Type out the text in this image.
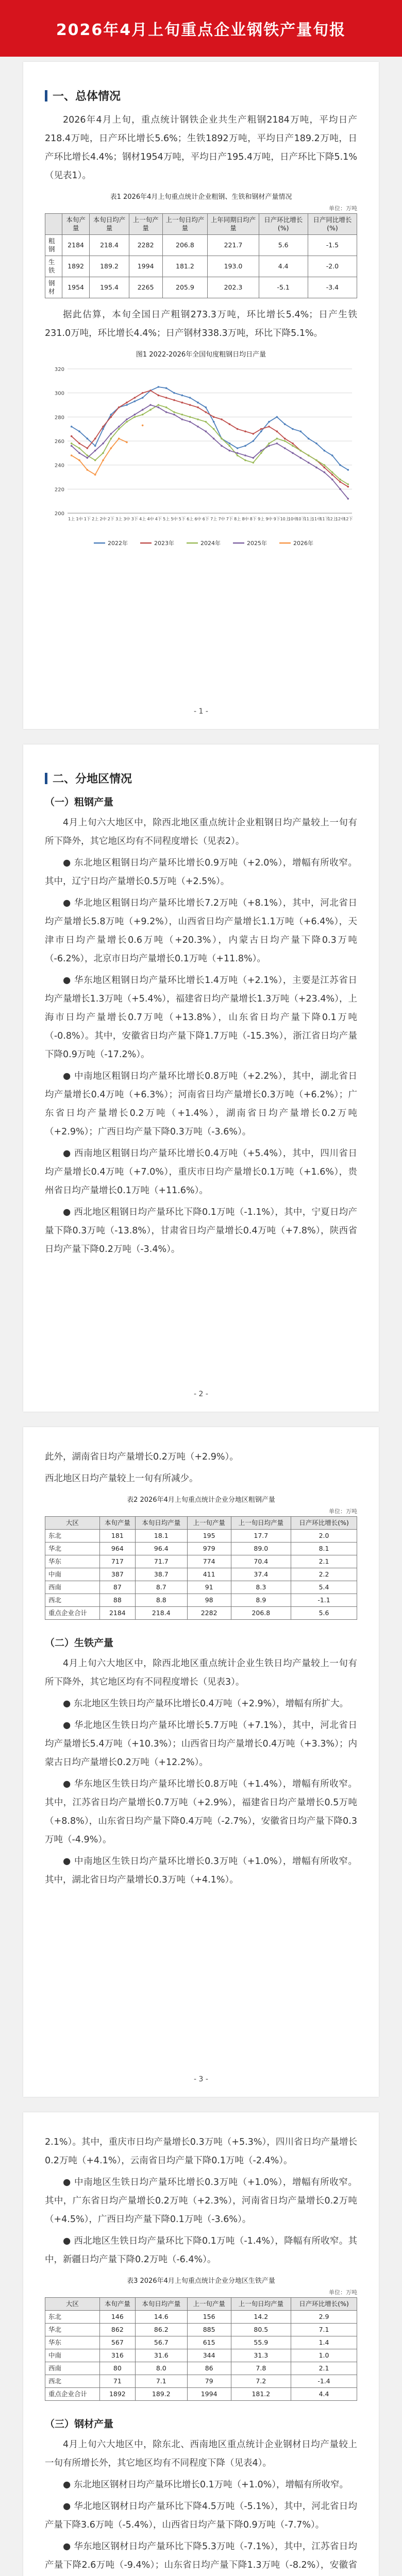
2026年4月上旬重点企业钢铁产量旬报
一、总体情况

2026年4月上旬，重点统计钢铁企业共生产粗钢2184万吨，平均日产218.4万吨，日产环比增长5.6%；生铁1892万吨，平均日产189.2万吨，日产环比增长4.4%；钢材1954万吨，平均日产195.4万吨，日产环比下降5.1%（见表1）。

表1 2026年4月上旬重点统计企业粗钢、生铁和钢材产量情况
单位：万吨
	本旬产量	本旬日均产量	上一旬产量	上一旬日均产量	上年同期日均产量	日产环比增长(%)	日产同比增长(%)
粗钢	2184	218.4	2282	206.8	221.7	5.6	-1.5
生铁	1892	189.2	1994	181.2	193.0	4.4	-2.0
钢材	1954	195.4	2265	205.9	202.3	-5.1	-3.4

据此估算，本旬全国日产粗钢273.3万吨，环比增长5.4%；日产生铁231.0万吨，环比增长4.4%；日产钢材338.3万吨，环比下降5.1%。

图1 2022-2026年全国旬度粗钢日均日产量
200
220
240
260
280
300
320
1上 1中 1下 2上 2中 2下 3上 3中 3下 4上 4中 4下 5上 5中 5下 6上 6中 6下 7上 7中 7下 8上 8中 8下 9上 9中 9下 10上
10中
10下
11上
11中
11下
12上
12中
12下
2022年	2023年	2024年	2025年	2026年
- 1 -
二、分地区情况
（一）粗钢产量

4月上旬六大地区中，除西北地区重点统计企业粗钢日均产量较上一旬有所下降外，其它地区均有不同程度增长（见表2）。

● 东北地区粗钢日均产量环比增长0.9万吨（+2.0%），增幅有所收窄。其中，辽宁日均产量增长0.5万吨（+2.5%）。

● 华北地区粗钢日均产量环比增长7.2万吨（+8.1%），其中，河北省日均产量增长5.8万吨（+9.2%），山西省日均产量增长1.1万吨（+6.4%），天津市日均产量增长0.6万吨（+20.3%），内蒙古日均产量下降0.3万吨（-6.2%），北京市日均产量增长0.1万吨（+11.8%）。

● 华东地区粗钢日均产量环比增长1.4万吨（+2.1%），主要是江苏省日均产量增长1.3万吨（+5.4%），福建省日均产量增长1.3万吨（+23.4%），上海市日均产量增长0.7万吨（+13.8%），山东省日均产量下降0.1万吨（-0.8%）。其中，安徽省日均产量下降1.7万吨（-15.3%），浙江省日均产量下降0.9万吨（-17.2%）。

● 中南地区粗钢日均产量环比增长0.8万吨（+2.2%），其中，湖北省日均产量增长0.4万吨（+6.3%）；河南省日均产量增长0.3万吨（+6.2%）；广东省日均产量增长0.2万吨（+1.4%），湖南省日均产量增长0.2万吨（+2.9%）；广西日均产量下降0.3万吨（-3.6%）。

● 西南地区粗钢日均产量环比增长0.4万吨（+5.4%），其中，四川省日均产量增长0.4万吨（+7.0%），重庆市日均产量增长0.1万吨（+1.6%），贵州省日均产量增长0.1万吨（+11.6%）。

● 西北地区粗钢日均产量环比下降0.1万吨（-1.1%），其中，宁夏日均产量下降0.3万吨（-13.8%），甘肃省日均产量增长0.4万吨（+7.8%），陕西省日均产量下降0.2万吨（-3.4%）。

- 2 -

此外，湖南省日均产量增长0.2万吨（+2.9%）。

西北地区日均产量较上一旬有所减少。

表2 2026年4月上旬重点统计企业分地区粗钢产量
单位：万吨
大区	本旬产量	本旬日均产量	上一旬产量	上一旬日均产量	日产环比增长(%)
东北	181	18.1	195	17.7	2.0
华北	964	96.4	979	89.0	8.1
华东	717	71.7	774	70.4	2.1
中南	387	38.7	411	37.4	2.2
西南	87	8.7	91	8.3	5.4
西北	88	8.8	98	8.9	-1.1
重点企业合计	2184	218.4	2282	206.8	5.6
（二）生铁产量

4月上旬六大地区中，除西北地区重点统计企业生铁日均产量较上一旬有所下降外，其它地区均有不同程度增长（见表3）。

● 东北地区生铁日均产量环比增长0.4万吨（+2.9%），增幅有所扩大。

● 华北地区生铁日均产量环比增长5.7万吨（+7.1%），其中，河北省日均产量增长5.4万吨（+10.3%）；山西省日均产量增长0.4万吨（+3.3%）；内蒙古日均产量增长0.2万吨（+12.2%）。

● 华东地区生铁日均产量环比增长0.8万吨（+1.4%），增幅有所收窄。其中，江苏省日均产量增长0.7万吨（+2.9%），福建省日均产量增长0.5万吨（+8.8%），山东省日均产量下降0.4万吨（-2.7%），安徽省日均产量下降0.3万吨（-4.9%）。

● 中南地区生铁日均产量环比增长0.3万吨（+1.0%），增幅有所收窄。其中，湖北省日均产量增长0.3万吨（+4.1%）。

- 3 -

2.1%）。其中，重庆市日均产量增长0.3万吨（+5.3%），四川省日均产量增长0.2万吨（+4.1%），云南省日均产量下降0.1万吨（-2.4%）。

● 中南地区生铁日均产量环比增长0.3万吨（+1.0%），增幅有所收窄。其中，广东省日均产量增长0.2万吨（+2.3%），河南省日均产量增长0.2万吨（+4.5%），广西日均产量下降0.1万吨（-3.6%）。

● 西北地区生铁日均产量环比下降0.1万吨（-1.4%），降幅有所收窄。其中，新疆日均产量下降0.2万吨（-6.4%）。

表3 2026年4月上旬重点统计企业分地区生铁产量
单位：万吨
大区	本旬产量	本旬日均产量	上一旬产量	上一旬日均产量	日产环比增长(%)
东北	146	14.6	156	14.2	2.9
华北	862	86.2	885	80.5	7.1
华东	567	56.7	615	55.9	1.4
中南	316	31.6	344	31.3	1.0
西南	80	8.0	86	7.8	2.1
西北	71	7.1	79	7.2	-1.4
重点企业合计	1892	189.2	1994	181.2	4.4
（三）钢材产量

4月上旬六大地区中，除东北、西南地区重点统计企业钢材日均产量较上一旬有所增长外，其它地区均有不同程度下降（见表4）。

● 东北地区钢材日均产量环比增长0.1万吨（+1.0%），增幅有所收窄。

● 华北地区钢材日均产量环比下降4.5万吨（-5.1%），其中，河北省日均产量下降3.6万吨（-5.4%），山西省日均产量下降0.9万吨（-7.7%）。

● 华东地区钢材日均产量环比下降5.3万吨（-7.1%），其中，江苏省日均产量下降2.6万吨（-9.4%）；山东省日均产量下降1.3万吨（-8.2%），安徽省
